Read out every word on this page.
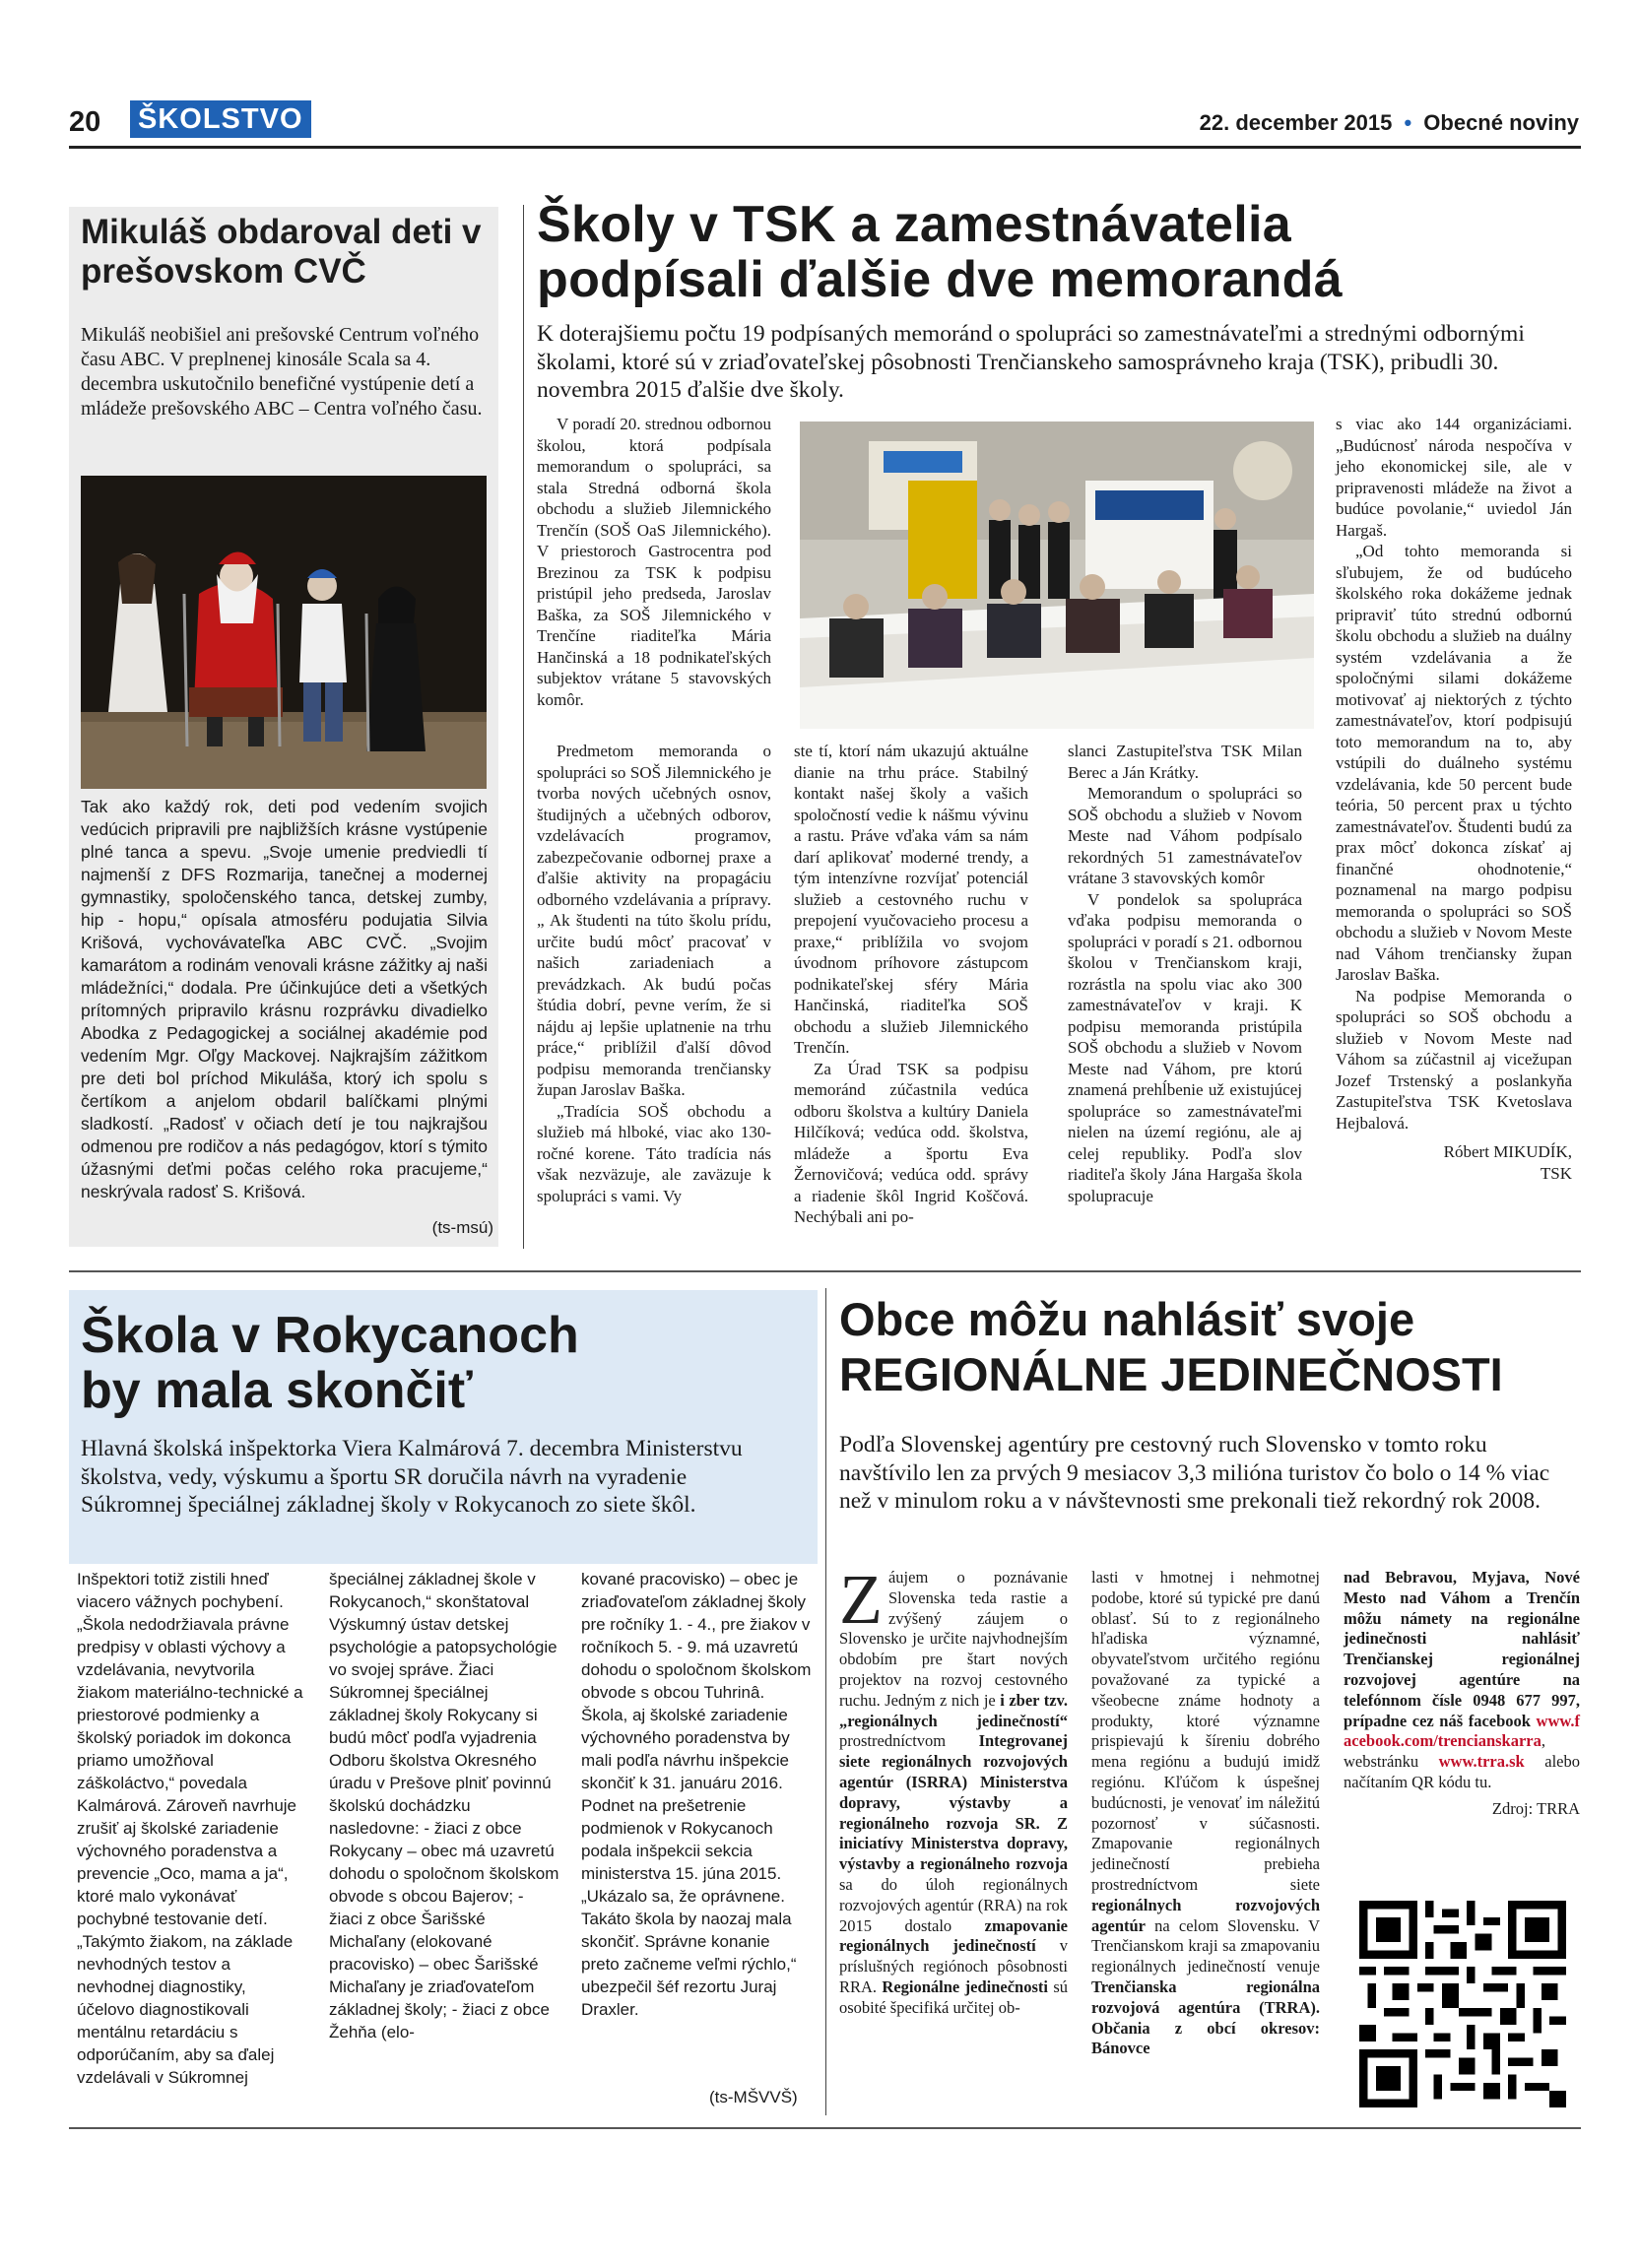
20 ŠKOLSTVO	22. december 2015 • Obecné noviny
Mikuláš obdaroval deti v prešovskom CVČ
Mikuláš neobišiel ani prešovské Centrum voľného času ABC. V preplnenej kinosále Scala sa 4. decembra uskutočnilo benefičné vystúpenie detí a mládeže prešovského ABC – Centra voľného času.
Tak ako každý rok, deti pod vedením svojich vedúcich pripravili pre najbližších krásne vystúpenie plné tanca a spevu. „Svoje umenie predviedli tí najmenší z DFS Rozmarija, tanečnej a modernej gymnastiky, spoločenského tanca, detskej zumby, hip - hopu,“ opísala atmosféru podujatia Silvia Krišová, vychovávateľka ABC CVČ. „Svojim kamarátom a rodinám venovali krásne zážitky aj naši mládežníci,“ dodala. Pre účinkujúce deti a všetkých prítomných pripravilo krásnu rozprávku divadielko Abodka z Pedagogickej a sociálnej akadémie pod vedením Mgr. Oľgy Mackovej. Najkrajším zážitkom pre deti bol príchod Mikuláša, ktorý ich spolu s čertíkom a anjelom obdaril balíčkami plnými sladkostí. „Radosť v očiach detí je tou najkrajšou odmenou pre rodičov a nás pedagógov, ktorí s týmito úžasnými deťmi počas celého roka pracujeme,“ neskrývala radosť S. Krišová.
(ts-msú)
Školy v TSK a zamestnávatelia
podpísali ďalšie dve memorandá
K doterajšiemu počtu 19 podpísaných memoránd o spolupráci so zamestnávateľmi a strednými odbornými školami, ktoré sú v zriaďovateľskej pôsobnosti Trenčianskeho samosprávneho kraja (TSK), pribudli 30. novembra 2015 ďalšie dve školy.

V poradí 20. strednou odbornou školou, ktorá podpísala memorandum o spolupráci, sa stala Stredná odborná škola obchodu a služieb Jilemnického Trenčín (SOŠ OaS Jilemnického). V priestoroch Gastrocentra pod Brezinou za TSK k podpisu pristúpil jeho predseda, Jaroslav Baška, za SOŠ Jilemnického v Trenčíne riaditeľka Mária Hančinská a 18 podnikateľských subjektov vrátane 5 stavovských komôr.

Predmetom memoranda o spolupráci so SOŠ Jilemnického je tvorba nových učebných osnov, študijných a učebných odborov, vzdelávacích programov, zabezpečovanie odbornej praxe a ďalšie aktivity na propagáciu odborného vzdelávania a prípravy. „ Ak študenti na túto školu prídu, určite budú môcť pracovať v našich zariadeniach a prevádzkach. Ak budú počas štúdia dobrí, pevne verím, že si nájdu aj lepšie uplatnenie na trhu práce,“ priblížil ďalší dôvod podpisu memoranda trenčiansky župan Jaroslav Baška.

„Tradícia SOŠ obchodu a služieb má hlboké, viac ako 130-ročné korene. Táto tradícia nás však nezväzuje, ale zaväzuje k spolupráci s vami. Vy

ste tí, ktorí nám ukazujú aktuálne dianie na trhu práce. Stabilný kontakt našej školy a vašich spoločností vedie k nášmu vývinu a rastu. Práve vďaka vám sa nám darí aplikovať moderné trendy, a tým intenzívne rozvíjať potenciál služieb a cestovného ruchu v prepojení vyučovacieho procesu a praxe,“ priblížila vo svojom úvodnom príhovore zástupcom podnikateľskej sféry Mária Hančinská, riaditeľka SOŠ obchodu a služieb Jilemnického Trenčín.

Za Úrad TSK sa podpisu memoránd zúčastnila vedúca odboru školstva a kultúry Daniela Hilčíková; vedúca odd. školstva, mládeže a športu Eva Žernovičová; vedúca odd. správy a riadenie škôl Ingrid Koščová. Nechýbali ani po-

slanci Zastupiteľstva TSK Milan Berec a Ján Krátky.

Memorandum o spolupráci so SOŠ obchodu a služieb v Novom Meste nad Váhom podpísalo rekordných 51 zamestnávateľov vrátane 3 stavovských komôr

V pondelok sa spolupráca vďaka podpisu memoranda o spolupráci v poradí s 21. odbornou školou v Trenčianskom kraji, rozrástla na spolu viac ako 300 zamestnávateľov v kraji. K podpisu memoranda pristúpila SOŠ obchodu a služieb v Novom Meste nad Váhom, pre ktorú znamená prehĺbenie už existujúcej spolupráce so zamestnávateľmi nielen na území regiónu, ale aj celej republiky. Podľa slov riaditeľa školy Jána Hargaša škola spolupracuje

s viac ako 144 organizáciami. „Budúcnosť národa nespočíva v jeho ekonomickej sile, ale v pripravenosti mládeže na život a budúce povolanie,“ uviedol Ján Hargaš.

„Od tohto memoranda si sľubujem, že od budúceho školského roka dokážeme jednak pripraviť túto strednú odbornú školu obchodu a služieb na duálny systém vzdelávania a že spoločnými silami dokážeme motivovať aj niektorých z týchto zamestnávateľov, ktorí podpisujú toto memorandum na to, aby vstúpili do duálneho systému vzdelávania, kde 50 percent bude teória, 50 percent prax u týchto zamestnávateľov. Študenti budú za prax môcť dokonca získať aj finančné ohodnotenie,“ poznamenal na margo podpisu memoranda o spolupráci so SOŠ obchodu a služieb v Novom Meste nad Váhom trenčiansky župan Jaroslav Baška.

Na podpise Memoranda o spolupráci so SOŠ obchodu a služieb v Novom Meste nad Váhom sa zúčastnil aj vicežupan Jozef Trstenský a poslankyňa Zastupiteľstva TSK Kvetoslava Hejbalová.

Róbert MIKUDÍK,

TSK

Škola v Rokycanoch
by mala skončiť
Hlavná školská inšpektorka Viera Kalmárová 7. decembra Ministerstvu školstva, vedy, výskumu a športu SR doručila návrh na vyradenie Súkromnej špeciálnej základnej školy v Rokycanoch zo siete škôl.
Inšpektori totiž zistili hneď viacero vážnych pochybení. „Škola nedodržiavala právne predpisy v oblasti výchovy a vzdelávania, nevytvorila žiakom materiálno-technické a priestorové podmienky a školský poriadok im dokonca priamo umožňoval záškoláctvo,“ povedala Kalmárová. Zároveň navrhuje zrušiť aj školské zariadenie výchovného poradenstva a prevencie „Oco, mama a ja“, ktoré malo vykonávať pochybné testovanie detí. „Takýmto žiakom, na základe nevhodných testov a nevhodnej diagnostiky, účelovo diagnostikovali mentálnu retardáciu s odporúčaním, aby sa ďalej vzdelávali v Súkromnej
špeciálnej základnej škole v Rokycanoch,“ skonštatoval Výskumný ústav detskej psychológie a patopsychológie vo svojej správe. Žiaci Súkromnej špeciálnej základnej školy Rokycany si budú môcť podľa vyjadrenia Odboru školstva Okresného úradu v Prešove plniť povinnú školskú dochádzku nasledovne: - žiaci z obce Rokycany – obec má uzavretú dohodu o spoločnom školskom obvode s obcou Bajerov; - žiaci z obce Šarišské Michaľany (elokované pracovisko) – obec Šarišské Michaľany je zriaďovateľom základnej školy; - žiaci z obce Žehňa (elo-
kované pracovisko) – obec je zriaďovateľom základnej školy pre ročníky 1. - 4., pre žiakov v ročníkoch 5. - 9. má uzavretú dohodu o spoločnom školskom obvode s obcou Tuhrinâ. Škola, aj školské zariadenie výchovného poradenstva by mali podľa návrhu inšpekcie skončiť k 31. januáru 2016. Podnet na prešetrenie podmienok v Rokycanoch podala inšpekcii sekcia ministerstva 15. júna 2015. „Ukázalo sa, že oprávnene. Takáto škola by naozaj mala skončiť. Správne konanie preto začneme veľmi rýchlo,“ ubezpečil šéf rezortu Juraj Draxler.
(ts-MŠVVŠ)
Obce môžu nahlásiť svoje
REGIONÁLNE JEDINEČNOSTI
Podľa Slovenskej agentúry pre cestovný ruch Slovensko v tomto roku navštívilo len za prvých 9 mesiacov 3,3 milióna turistov čo bolo o 14 % viac než v minulom roku a v návštevnosti sme prekonali tiež rekordný rok 2008.
Záujem o poznávanie Slovenska teda rastie a zvýšený záujem o Slovensko je určite najvhodnejším obdobím pre štart nových projektov na rozvoj cestovného ruchu. Jedným z nich je i zber tzv. „regionálnych jedinečností“ prostredníctvom Integrovanej siete regionálnych rozvojových agentúr (ISRRA) Ministerstva dopravy, výstavby a regionálneho rozvoja SR. Z iniciatívy Ministerstva dopravy, výstavby a regionálneho rozvoja sa do úloh regionálnych rozvojových agentúr (RRA) na rok 2015 dostalo zmapovanie regionálnych jedinečností v príslušných regiónoch pôsobnosti RRA. Regionálne jedinečnosti sú osobité špecifiká určitej ob-
lasti v hmotnej i nehmotnej podobe, ktoré sú typické pre danú oblasť. Sú to z regionálneho hľadiska významné, obyvateľstvom určitého regiónu považované za typické a všeobecne známe hodnoty a produkty, ktoré významne prispievajú k šíreniu dobrého mena regiónu a budujú imidž regiónu. Kľúčom k úspešnej budúcnosti, je venovať im náležitú pozornosť v súčasnosti. Zmapovanie regionálnych jedinečností prebieha prostredníctvom siete regionálnych rozvojových agentúr na celom Slovensku. V Trenčianskom kraji sa zmapovaniu regionálnych jedinečností venuje Trenčianska regionálna rozvojová agentúra (TRRA). Občania z obcí okresov: Bánovce
nad Bebravou, Myjava, Nové Mesto nad Váhom a Trenčín môžu námety na regionálne jedinečnosti nahlásiť Trenčianskej regionálnej rozvojovej agentúre na telefónnom čísle 0948 677 997, prípadne cez náš facebook www.facebook.com/trencianskarra, webstránku www.trra.sk alebo načítaním QR kódu tu.

Zdroj: TRRA
